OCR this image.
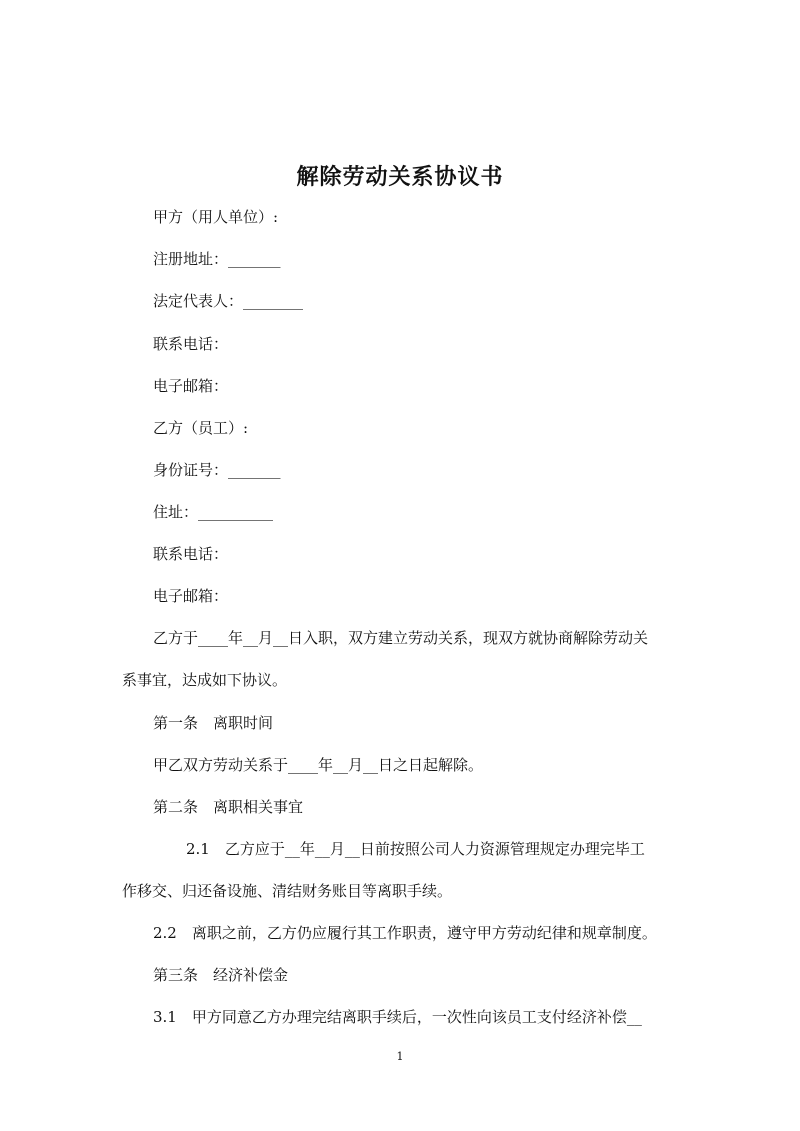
解除劳动关系协议书
甲方（用人单位）:
注册地址：_______
法定代表人：________
联系电话：
电子邮箱：
乙方（员工）:
身份证号：_______
住址：__________
联系电话：
电子邮箱：
乙方于____年__月__日入职，双方建立劳动关系，现双方就协商解除劳动关
系事宜，达成如下协议。
第一条　离职时间
甲乙双方劳动关系于____年__月__日之日起解除。
第二条　离职相关事宜
2.1　乙方应于__年__月__日前按照公司人力资源管理规定办理完毕工
作移交、归还备设施、清结财务账目等离职手续。
2.2　离职之前，乙方仍应履行其工作职责，遵守甲方劳动纪律和规章制度。
第三条　经济补偿金
3.1　甲方同意乙方办理完结离职手续后，一次性向该员工支付经济补偿__
1
